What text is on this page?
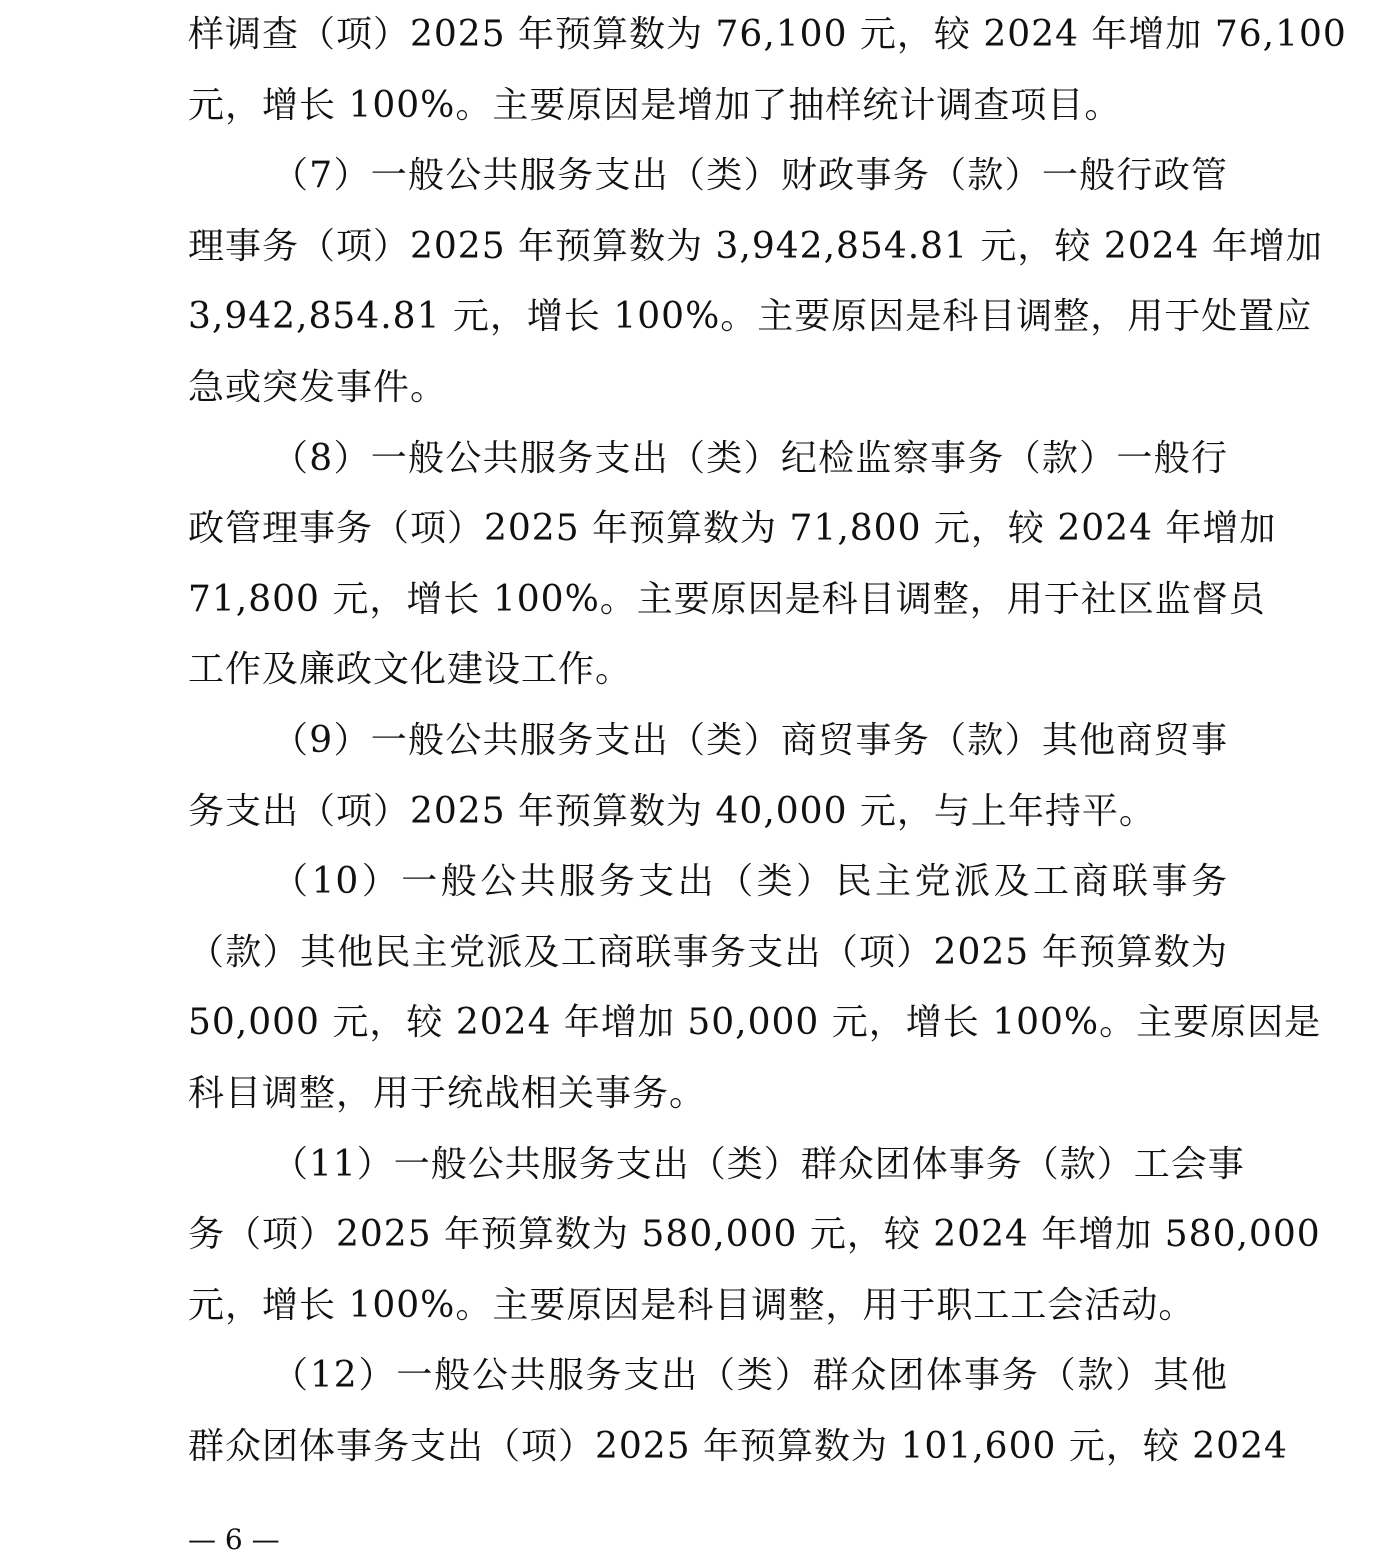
样调查（项）2025 年预算数为 76,100 元，较 2024 年增加 76,100
元，增长 100%。主要原因是增加了抽样统计调查项目。
（7）一般公共服务支出（类）财政事务（款）一般行政管
理事务（项）2025 年预算数为 3,942,854.81 元，较 2024 年增加
3,942,854.81 元，增长 100%。主要原因是科目调整，用于处置应
急或突发事件。
（8）一般公共服务支出（类）纪检监察事务（款）一般行
政管理事务（项）2025 年预算数为 71,800 元，较 2024 年增加
71,800 元，增长 100%。主要原因是科目调整，用于社区监督员
工作及廉政文化建设工作。
（9）一般公共服务支出（类）商贸事务（款）其他商贸事
务支出（项）2025 年预算数为 40,000 元，与上年持平。
（10）一般公共服务支出（类）民主党派及工商联事务
（款）其他民主党派及工商联事务支出（项）2025 年预算数为
50,000 元，较 2024 年增加 50,000 元，增长 100%。主要原因是
科目调整，用于统战相关事务。
（11）一般公共服务支出（类）群众团体事务（款）工会事
务（项）2025 年预算数为 580,000 元，较 2024 年增加 580,000
元，增长 100%。主要原因是科目调整，用于职工工会活动。
（12）一般公共服务支出（类）群众团体事务（款）其他
群众团体事务支出（项）2025 年预算数为 101,600 元，较 2024
— 6 —
